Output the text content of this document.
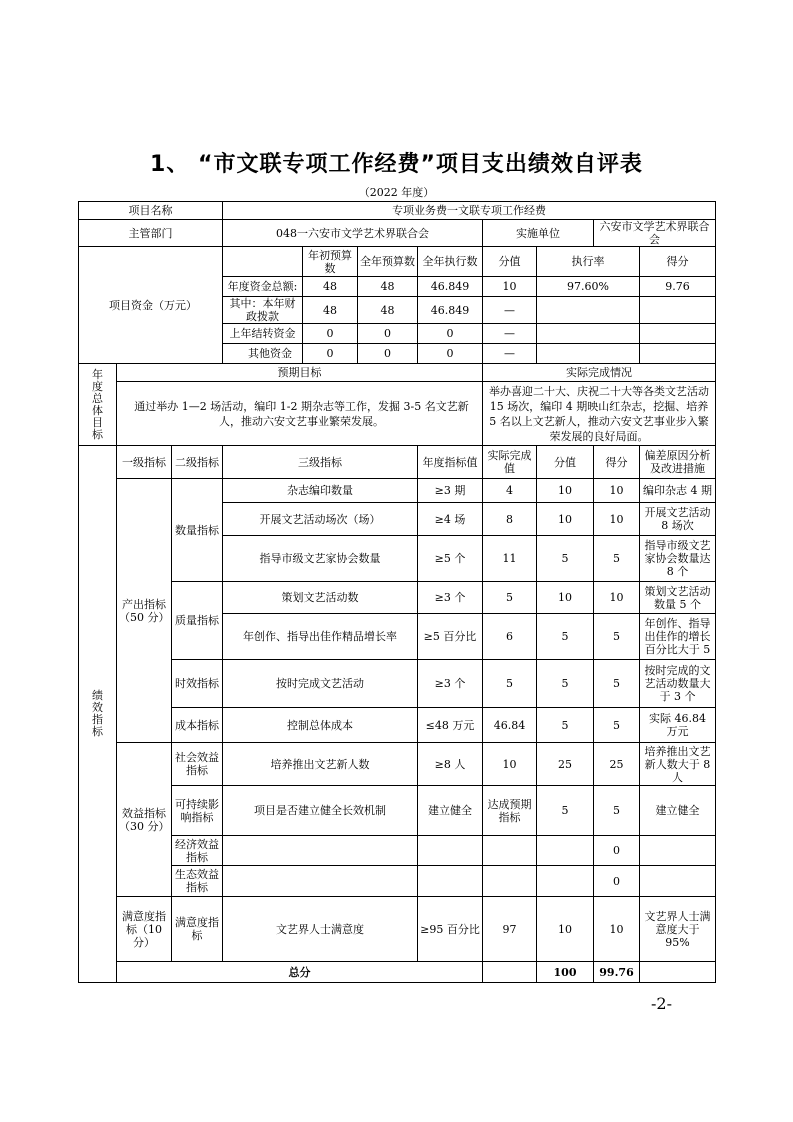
1、 “市文联专项工作经费”项目支出绩效自评表
（2022 年度）
项目名称			专项业务费一文联专项工作经费							
主管部门			048一六安市文学艺术界联合会				实施单位		六安市文学艺术界联合会	
项目资金（万元）				年初预算数	全年预算数	全年执行数	分值	执行率		得分
			年度资金总额:	48	48	46.849	10	97.60%		9.76
			其中：本年财政拨款	48	48	46.849	—			
			上年结转资金	0	0	0	—			
			其他资金	0	0	0	—			
年度总体目标	预期目标						实际完成情况			
	通过举办 1—2 场活动，编印 1-2 期杂志等工作，发掘 3-5 名文艺新人，推动六安文艺事业繁荣发展。						举办喜迎二十大、庆祝二十大等各类文艺活动 15 场次，编印 4 期映山红杂志，挖掘、培养 5 名以上文艺新人，推动六安文艺事业步入繁荣发展的良好局面。			
绩效指标	一级指标	二级指标	三级指标			年度指标值	实际完成值	分值	得分	偏差原因分析及改进措施
	产出指标（50 分）	数量指标	杂志编印数量			≥3 期	4	10	10	编印杂志 4 期
			开展文艺活动场次（场）			≥4 场	8	10	10	开展文艺活动 8 场次
			指导市级文艺家协会数量			≥5 个	11	5	5	指导市级文艺家协会数量达 8 个
		质量指标	策划文艺活动数			≥3 个	5	10	10	策划文艺活动数量 5 个
			年创作、指导出佳作精品增长率			≥5 百分比	6	5	5	年创作、指导出佳作的增长百分比大于 5
		时效指标	按时完成文艺活动			≥3 个	5	5	5	按时完成的文艺活动数量大于 3 个
		成本指标	控制总体成本			≤48 万元	46.84	5	5	实际 46.84 万元
	效益指标（30 分）	社会效益指标	培养推出文艺新人数			≥8 人	10	25	25	培养推出文艺新人数大于 8 人
		可持续影响指标	项目是否建立健全长效机制			建立健全	达成预期指标	5	5	建立健全
		经济效益指标							0	
		生态效益指标							0	
	满意度指标（10 分）	满意度指标	文艺界人士满意度			≥95 百分比	97	10	10	文艺界人士满意度大于 95%
	总分							100	99.76	
-2-
